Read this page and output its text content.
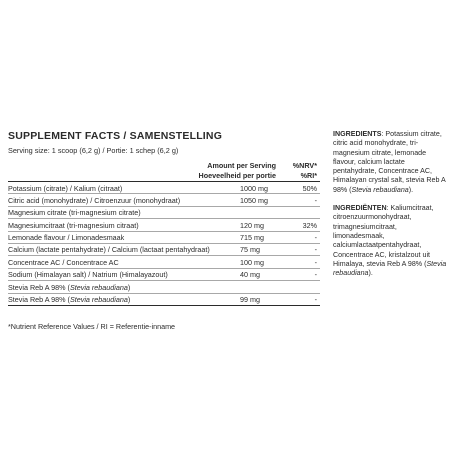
SUPPLEMENT FACTS / SAMENSTELLING
Serving size: 1 scoop (6,2 g) / Portie: 1 schep (6,2 g)
Amount per Serving
Hoeveelheid per portie
%NRV*
%RI*
Potassium (citrate) / Kalium (citraat)	1000 mg	50%
Citric acid (monohydrate) / Citroenzuur (monohydraat)	1050 mg	-
Magnesium citrate (tri-magnesium citrate)
Magnesiumcitraat (tri-magnesium citraat)	120 mg	32%
Lemonade flavour / Limonadesmaak	715 mg	-
Calcium (lactate pentahydrate) / Calcium (lactaat pentahydraat)	75 mg	-
Concentrace AC / Concentrace AC	100 mg	-
Sodium (Himalayan salt) / Natrium (Himalayazout)	40 mg	-
Stevia Reb A 98% (Stevia rebaudiana)
Stevia Reb A 98% (Stevia rebaudiana)	99 mg	-
*Nutrient Reference Values / RI = Referentie-inname

INGREDIENTS: Potassium citrate, citric acid monohydrate, tri-magnesium citrate, lemonade flavour, calcium lactate pentahydrate, Concentrace AC, Himalayan crystal salt, stevia Reb A 98% (Stevia rebaudiana).

INGREDIËNTEN: Kaliumcitraat, citroenzuurmonohydraat, trimagnesiumcitraat, limonadesmaak, calciumlactaatpentahydraat, Concentrace AC, kristalzout uit Himalaya, stevia Reb A 98% (Stevia rebaudiana).
